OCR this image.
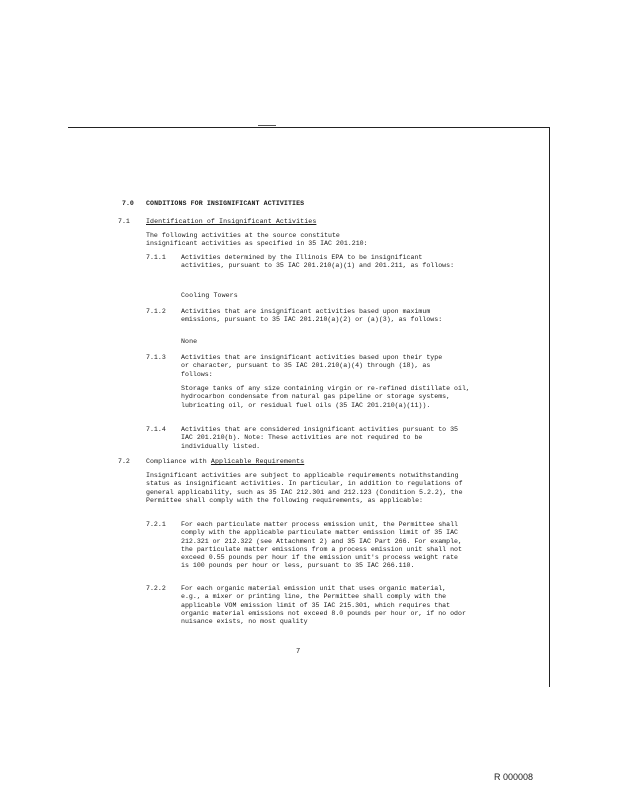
7.0 CONDITIONS FOR INSIGNIFICANT ACTIVITIES
7.1 Identification of Insignificant Activities
The following activities at the source constitute insignificant activities as specified in 35 IAC 201.210:
7.1.1 Activities determined by the Illinois EPA to be insignificant activities, pursuant to 35 IAC 201.210(a)(1) and 201.211, as follows:
Cooling Towers
7.1.2 Activities that are insignificant activities based upon maximum emissions, pursuant to 35 IAC 201.210(a)(2) or (a)(3), as follows:
None
7.1.3 Activities that are insignificant activities based upon their type or character, pursuant to 35 IAC 201.210(a)(4) through (18), as follows:
Storage tanks of any size containing virgin or re-refined distillate oil, hydrocarbon condensate from natural gas pipeline or storage systems, lubricating oil, or residual fuel oils (35 IAC 201.210(a)(11)).
7.1.4 Activities that are considered insignificant activities pursuant to 35 IAC 201.210(b). Note: These activities are not required to be individually listed.
7.2 Compliance with Applicable Requirements
Insignificant activities are subject to applicable requirements notwithstanding status as insignificant activities. In particular, in addition to regulations of general applicability, such as 35 IAC 212.301 and 212.123 (Condition 5.2.2), the Permittee shall comply with the following requirements, as applicable:
7.2.1 For each particulate matter process emission unit, the Permittee shall comply with the applicable particulate matter emission limit of 35 IAC 212.321 or 212.322 (see Attachment 2) and 35 IAC Part 266. For example, the particulate matter emissions from a process emission unit shall not exceed 0.55 pounds per hour if the emission unit's process weight rate is 100 pounds per hour or less, pursuant to 35 IAC 266.110.
7.2.2 For each organic material emission unit that uses organic material, e.g., a mixer or printing line, the Permittee shall comply with the applicable VOM emission limit of 35 IAC 215.301, which requires that organic material emissions not exceed 8.0 pounds per hour or, if no odor nuisance exists, no most quality
7
R 000008
